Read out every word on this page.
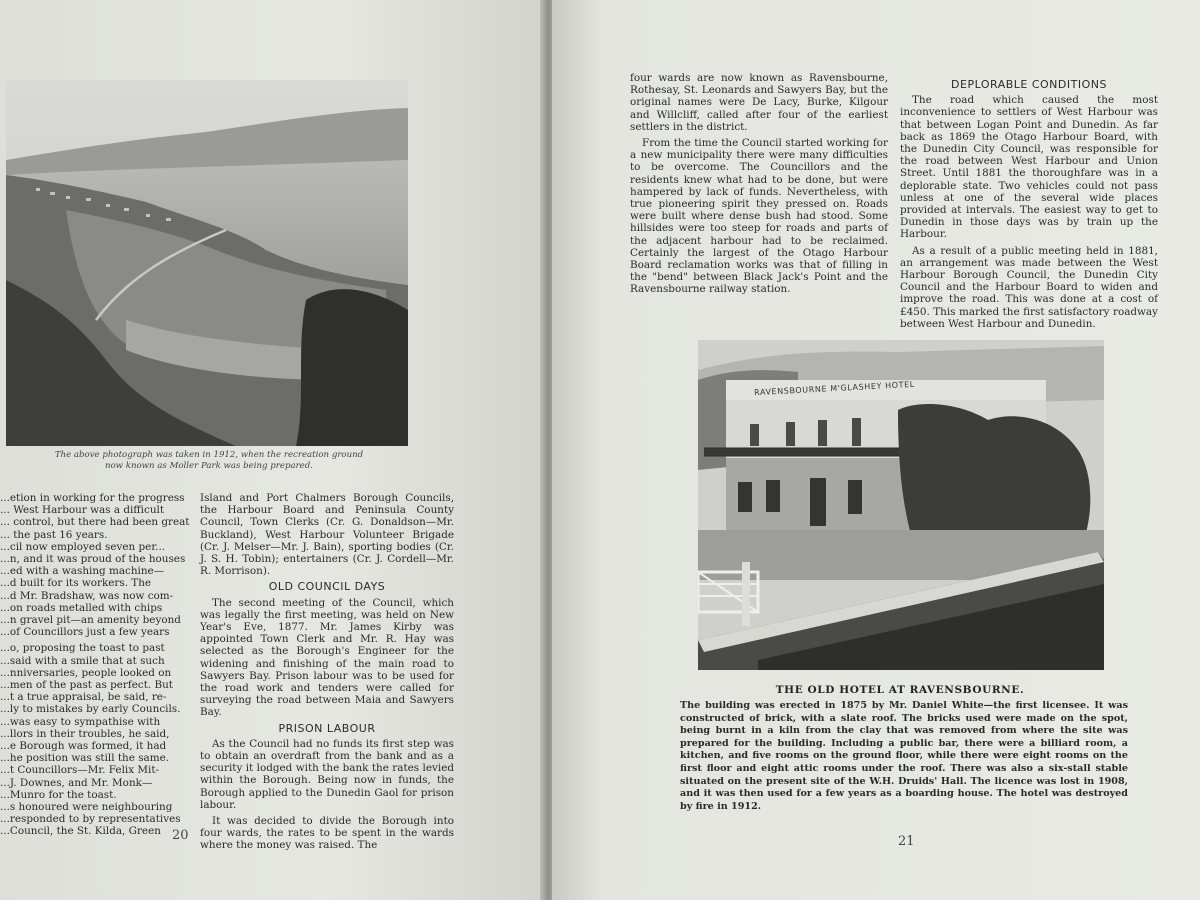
The above photograph was taken in 1912, when the recreation ground
now known as Moller Park was being prepared.

...etion in working for the progress
... West Harbour was a difficult
... control, but there had been great
... the past 16 years.
...cil now employed seven per...
...n, and it was proud of the houses
...ed with a washing machine—
...d built for its workers. The
...d Mr. Bradshaw, was now com-
...on roads metalled with chips
...n gravel pit—an amenity beyond
...of Councillors just a few years

...o, proposing the toast to past
...said with a smile that at such
...nniversaries, people looked on
...men of the past as perfect. But
...t a true appraisal, be said, re-
...ly to mistakes by early Councils.
...was easy to sympathise with
...llors in their troubles, he said,
...e Borough was formed, it had
...he position was still the same.
...t Councillors—Mr. Felix Mit-
...J. Downes, and Mr. Monk—
...Munro for the toast.
...s honoured were neighbouring
...responded to by representatives
...Council, the St. Kilda, Green

Island and Port Chalmers Borough Councils, the Harbour Board and Peninsula County Council, Town Clerks (Cr. G. Donaldson—Mr. Buckland), West Harbour Volunteer Brigade (Cr. J. Melser—Mr. J. Bain), sporting bodies (Cr. J. S. H. Tobin); entertainers (Cr. J. Cordell—Mr. R. Morrison).

OLD COUNCIL DAYS

The second meeting of the Council, which was legally the first meeting, was held on New Year's Eve, 1877. Mr. James Kirby was appointed Town Clerk and Mr. R. Hay was selected as the Borough's Engineer for the widening and finishing of the main road to Sawyers Bay. Prison labour was to be used for the road work and tenders were called for surveying the road between Maia and Sawyers Bay.

PRISON LABOUR

As the Council had no funds its first step was to obtain an overdraft from the bank and as a security it lodged with the bank the rates levied within the Borough. Being now in funds, the Borough applied to the Dunedin Gaol for prison labour.

It was decided to divide the Borough into four wards, the rates to be spent in the wards where the money was raised. The

20

four wards are now known as Ravensbourne, Rothesay, St. Leonards and Sawyers Bay, but the original names were De Lacy, Burke, Kilgour and Willcliff, called after four of the earliest settlers in the district.

From the time the Council started working for a new municipality there were many difficulties to be overcome. The Councillors and the residents knew what had to be done, but were hampered by lack of funds. Nevertheless, with true pioneering spirit they pressed on. Roads were built where dense bush had stood. Some hillsides were too steep for roads and parts of the adjacent harbour had to be reclaimed. Certainly the largest of the Otago Harbour Board reclamation works was that of filling in the "bend" between Black Jack's Point and the Ravensbourne railway station.

DEPLORABLE CONDITIONS

The road which caused the most inconvenience to settlers of West Harbour was that between Logan Point and Dunedin. As far back as 1869 the Otago Harbour Board, with the Dunedin City Council, was responsible for the road between West Harbour and Union Street. Until 1881 the thoroughfare was in a deplorable state. Two vehicles could not pass unless at one of the several wide places provided at intervals. The easiest way to get to Dunedin in those days was by train up the Harbour.

As a result of a public meeting held in 1881, an arrangement was made between the West Harbour Borough Council, the Dunedin City Council and the Harbour Board to widen and improve the road. This was done at a cost of £450. This marked the first satisfactory roadway between West Harbour and Dunedin.

21
RAVENSBOURNE M'GLASHEY HOTEL
THE OLD HOTEL AT RAVENSBOURNE.
The building was erected in 1875 by Mr. Daniel White—the first licensee. It was constructed of brick, with a slate roof. The bricks used were made on the spot, being burnt in a kiln from the clay that was removed from where the site was prepared for the building. Including a public bar, there were a billiard room, a kitchen, and five rooms on the ground floor, while there were eight rooms on the first floor and eight attic rooms under the roof. There was also a six-stall stable situated on the present site of the W.H. Druids' Hall. The licence was lost in 1908, and it was then used for a few years as a boarding house. The hotel was destroyed by fire in 1912.
